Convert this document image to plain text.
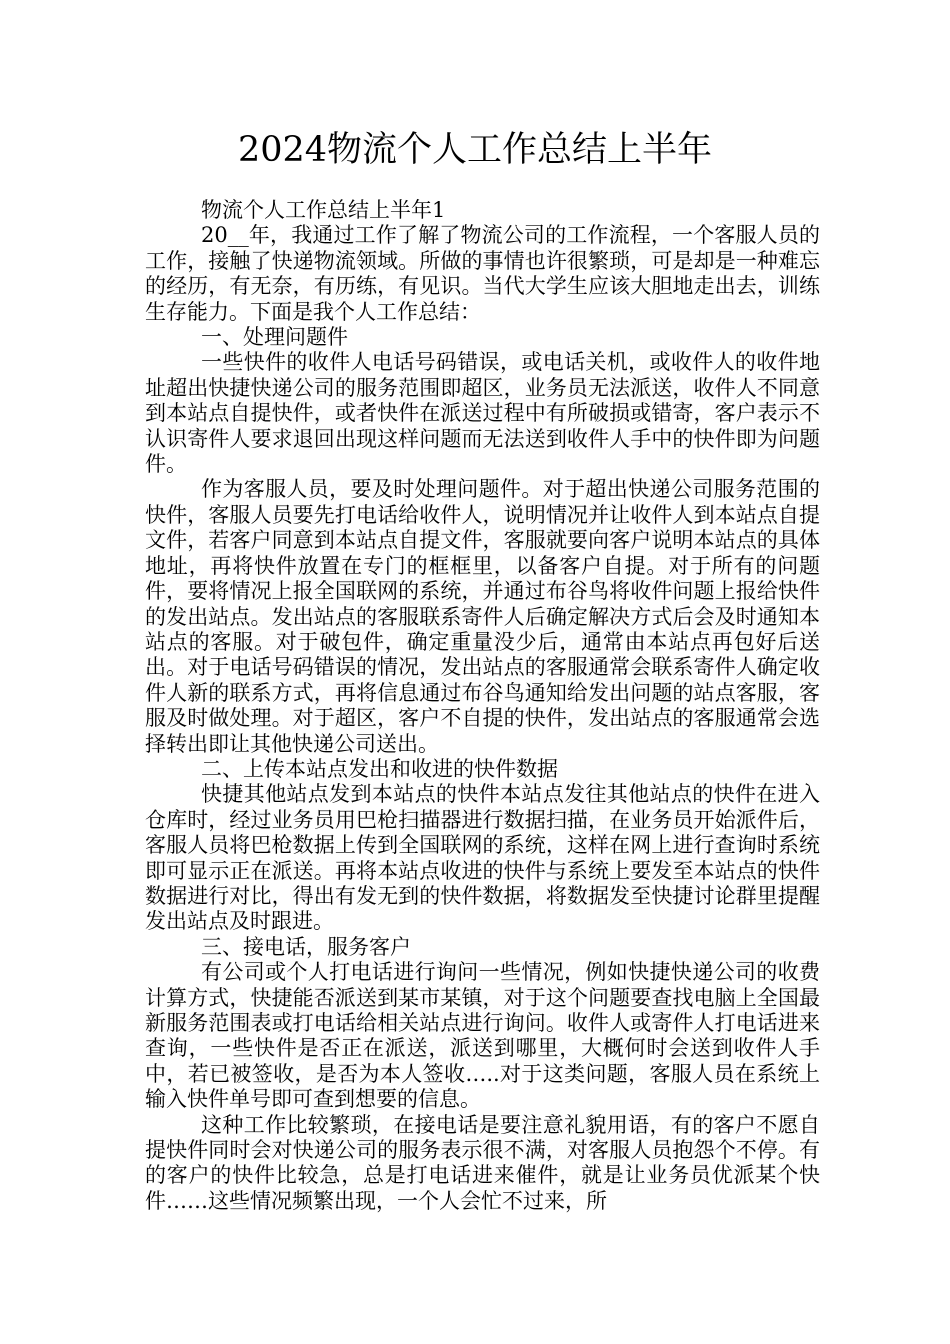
2024物流个人工作总结上半年

物流个人工作总结上半年1

20__年，我通过工作了解了物流公司的工作流程，一个客服人员的工作，接触了快递物流领域。所做的事情也许很繁琐，可是却是一种难忘的经历，有无奈，有历练，有见识。当代大学生应该大胆地走出去，训练生存能力。下面是我个人工作总结：

一、处理问题件

一些快件的收件人电话号码错误，或电话关机，或收件人的收件地址超出快捷快递公司的服务范围即超区，业务员无法派送，收件人不同意到本站点自提快件，或者快件在派送过程中有所破损或错寄，客户表示不认识寄件人要求退回出现这样问题而无法送到收件人手中的快件即为问题件。

作为客服人员，要及时处理问题件。对于超出快递公司服务范围的快件，客服人员要先打电话给收件人，说明情况并让收件人到本站点自提文件，若客户同意到本站点自提文件，客服就要向客户说明本站点的具体地址，再将快件放置在专门的框框里，以备客户自提。对于所有的问题件，要将情况上报全国联网的系统，并通过布谷鸟将收件问题上报给快件的发出站点。发出站点的客服联系寄件人后确定解决方式后会及时通知本站点的客服。对于破包件，确定重量没少后，通常由本站点再包好后送出。对于电话号码错误的情况，发出站点的客服通常会联系寄件人确定收件人新的联系方式，再将信息通过布谷鸟通知给发出问题的站点客服，客服及时做处理。对于超区，客户不自提的快件，发出站点的客服通常会选择转出即让其他快递公司送出。

二、上传本站点发出和收进的快件数据

快捷其他站点发到本站点的快件本站点发往其他站点的快件在进入仓库时，经过业务员用巴枪扫描器进行数据扫描，在业务员开始派件后，客服人员将巴枪数据上传到全国联网的系统，这样在网上进行查询时系统即可显示正在派送。再将本站点收进的快件与系统上要发至本站点的快件数据进行对比，得出有发无到的快件数据，将数据发至快捷讨论群里提醒发出站点及时跟进。

三、接电话，服务客户

有公司或个人打电话进行询问一些情况，例如快捷快递公司的收费计算方式，快捷能否派送到某市某镇，对于这个问题要查找电脑上全国最新服务范围表或打电话给相关站点进行询问。收件人或寄件人打电话进来查询，一些快件是否正在派送，派送到哪里，大概何时会送到收件人手中，若已被签收，是否为本人签收…..对于这类问题，客服人员在系统上输入快件单号即可查到想要的信息。

这种工作比较繁琐，在接电话是要注意礼貌用语，有的客户不愿自提快件同时会对快递公司的服务表示很不满，对客服人员抱怨个不停。有的客户的快件比较急，总是打电话进来催件，就是让业务员优派某个快件……这些情况频繁出现，一个人会忙不过来，所
